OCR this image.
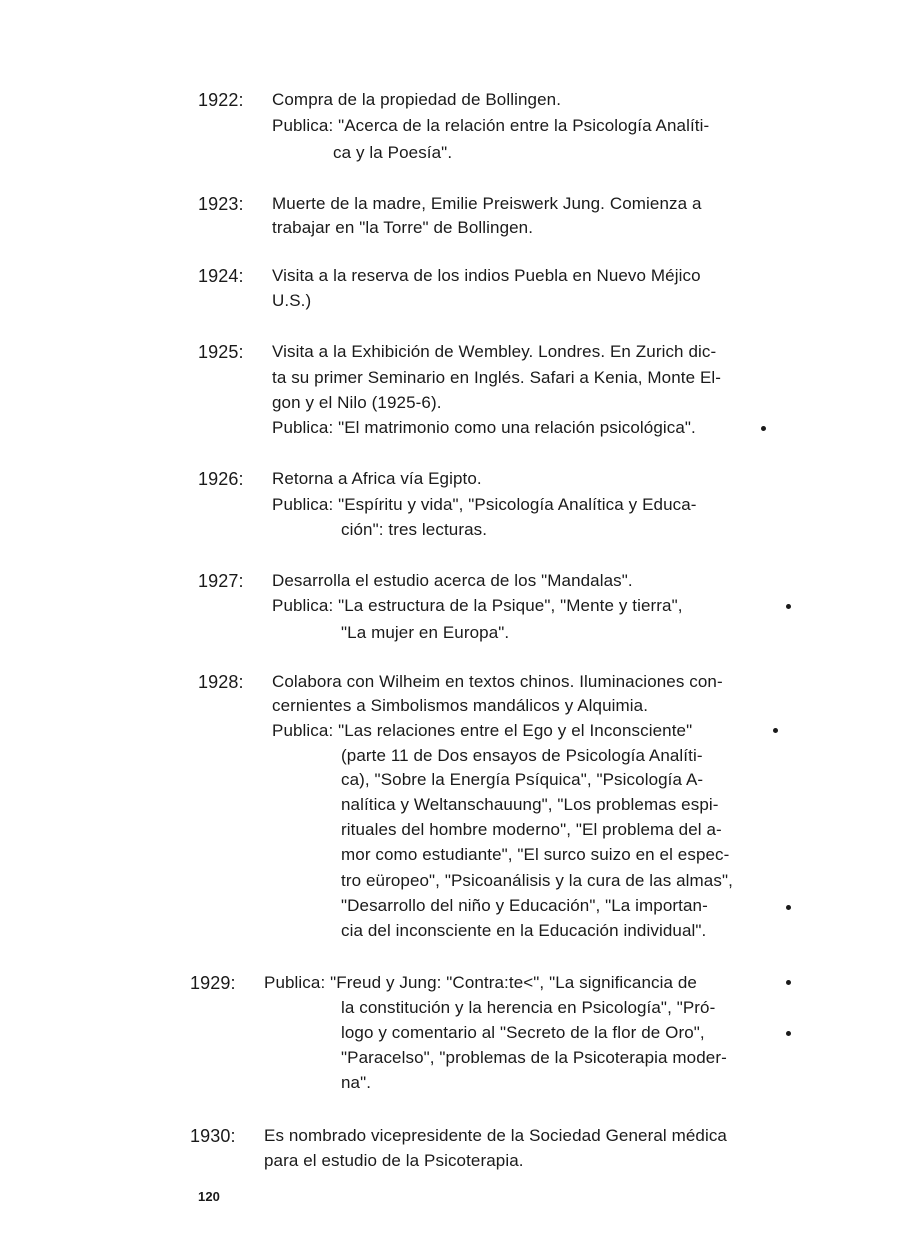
1922: Compra de la propiedad de Bollingen.
Publica: "Acerca de la relación entre la Psicología Analíti-
ca y la Poesía".
1923: Muerte de la madre, Emilie Preiswerk Jung. Comienza a
trabajar en "la Torre" de Bollingen.
1924: Visita a la reserva de los indios Puebla en Nuevo Méjico
U.S.)
1925: Visita a la Exhibición de Wembley. Londres. En Zurich dic-
ta su primer Seminario en Inglés. Safari a Kenia, Monte El-
gon y el Nilo (1925-6).
Publica: "El matrimonio como una relación psicológica".
1926: Retorna a Africa vía Egipto.
Publica: "Espíritu y vida", "Psicología Analítica y Educa-
ción": tres lecturas.
1927: Desarrolla el estudio acerca de los "Mandalas".
Publica: "La estructura de la Psique", "Mente y tierra",
"La mujer en Europa".
1928: Colabora con Wilheim en textos chinos. Iluminaciones con-
cernientes a Simbolismos mandálicos y Alquimia.
Publica: "Las relaciones entre el Ego y el Inconsciente"
(parte 11 de Dos ensayos de Psicología Analíti-
ca), "Sobre la Energía Psíquica", "Psicología A-
nalítica y Weltanschauung", "Los problemas espi-
rituales del hombre moderno", "El problema del a-
mor como estudiante", "El surco suizo en el espec-
tro eüropeo", "Psicoanálisis y la cura de las almas",
"Desarrollo del niño y Educación", "La importan-
cia del inconsciente en la Educación individual".
1929: Publica: "Freud y Jung: "Contra:te<", "La significancia de
la constitución y la herencia en Psicología", "Pró-
logo y comentario al "Secreto de la flor de Oro",
"Paracelso", "problemas de la Psicoterapia moder-
na".
1930: Es nombrado vicepresidente de la Sociedad General médica
para el estudio de la Psicoterapia.
120
